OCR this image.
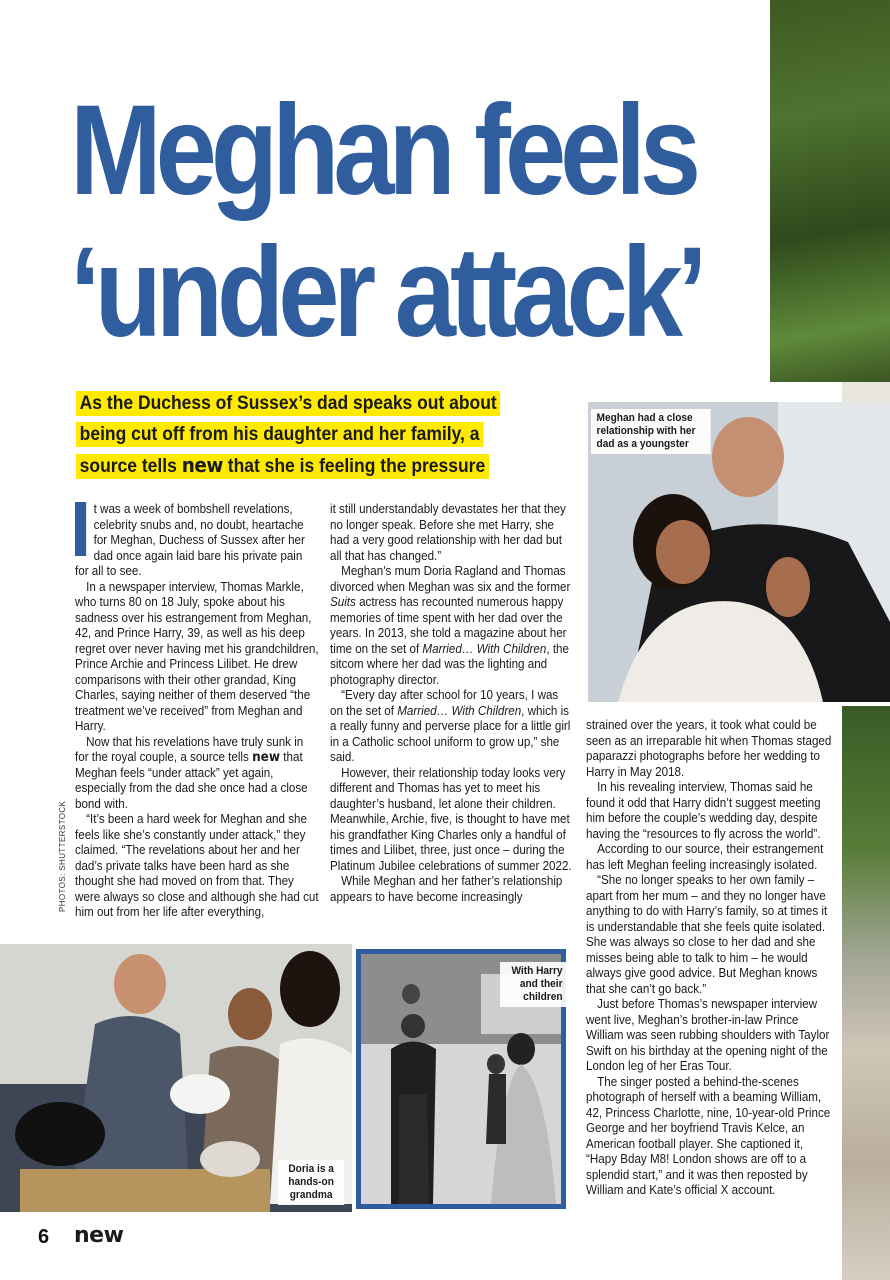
Meghan feels
‘under attack’

As the Duchess of Sussex’s dad speaks out about being cut off from his daughter and her family, a source tells new that she is feeling the pressure

t was a week of bombshell revelations, celebrity snubs and, no doubt, heartache for Meghan, Duchess of Sussex after her dad once again laid bare his private pain for all to see.

In a newspaper interview, Thomas Markle, who turns 80 on 18 July, spoke about his sadness over his estrangement from Meghan, 42, and Prince Harry, 39, as well as his deep regret over never having met his grandchildren, Prince Archie and Princess Lilibet. He drew comparisons with their other grandad, King Charles, saying neither of them deserved “the treatment we’ve received” from Meghan and Harry.

Now that his revelations have truly sunk in for the royal couple, a source tells new that Meghan feels “under attack” yet again, especially from the dad she once had a close bond with.

“It’s been a hard week for Meghan and she feels like she’s constantly under attack,” they claimed. “The revelations about her and her dad’s private talks have been hard as she thought she had moved on from that. They were always so close and although she had cut him out from her life after everything,

it still understandably devastates her that they no longer speak. Before she met Harry, she had a very good relationship with her dad but all that has changed.”

Meghan’s mum Doria Ragland and Thomas divorced when Meghan was six and the former Suits actress has recounted numerous happy memories of time spent with her dad over the years. In 2013, she told a magazine about her time on the set of Married… With Children, the sitcom where her dad was the lighting and photography director.

“Every day after school for 10 years, I was on the set of Married… With Children, which is a really funny and perverse place for a little girl in a Catholic school uniform to grow up,” she said.

However, their relationship today looks very different and Thomas has yet to meet his daughter’s husband, let alone their children. Meanwhile, Archie, five, is thought to have met his grandfather King Charles only a handful of times and Lilibet, three, just once – during the Platinum Jubilee celebrations of summer 2022.

While Meghan and her father’s relationship appears to have become increasingly

strained over the years, it took what could be seen as an irreparable hit when Thomas staged paparazzi photographs before her wedding to Harry in May 2018.

In his revealing interview, Thomas said he found it odd that Harry didn’t suggest meeting him before the couple’s wedding day, despite having the “resources to fly across the world”.

According to our source, their estrangement has left Meghan feeling increasingly isolated.

“She no longer speaks to her own family – apart from her mum – and they no longer have anything to do with Harry’s family, so at times it is understandable that she feels quite isolated. She was always so close to her dad and she misses being able to talk to him – he would always give good advice. But Meghan knows that she can’t go back.”

Just before Thomas’s newspaper interview went live, Meghan’s brother-in-law Prince William was seen rubbing shoulders with Taylor Swift on his birthday at the opening night of the London leg of her Eras Tour.

The singer posted a behind-the-scenes photograph of herself with a beaming William, 42, Princess Charlotte, nine, 10-year-old Prince George and her boyfriend Travis Kelce, an American football player. She captioned it, “Hapy Bday M8! London shows are off to a splendid start,” and it was then reposted by William and Kate’s official X account.

Meghan had a close relationship with her dad as a youngster
Doria is a hands-on grandma
With Harry and their children
PHOTOS: SHUTTERSTOCK
6 new
